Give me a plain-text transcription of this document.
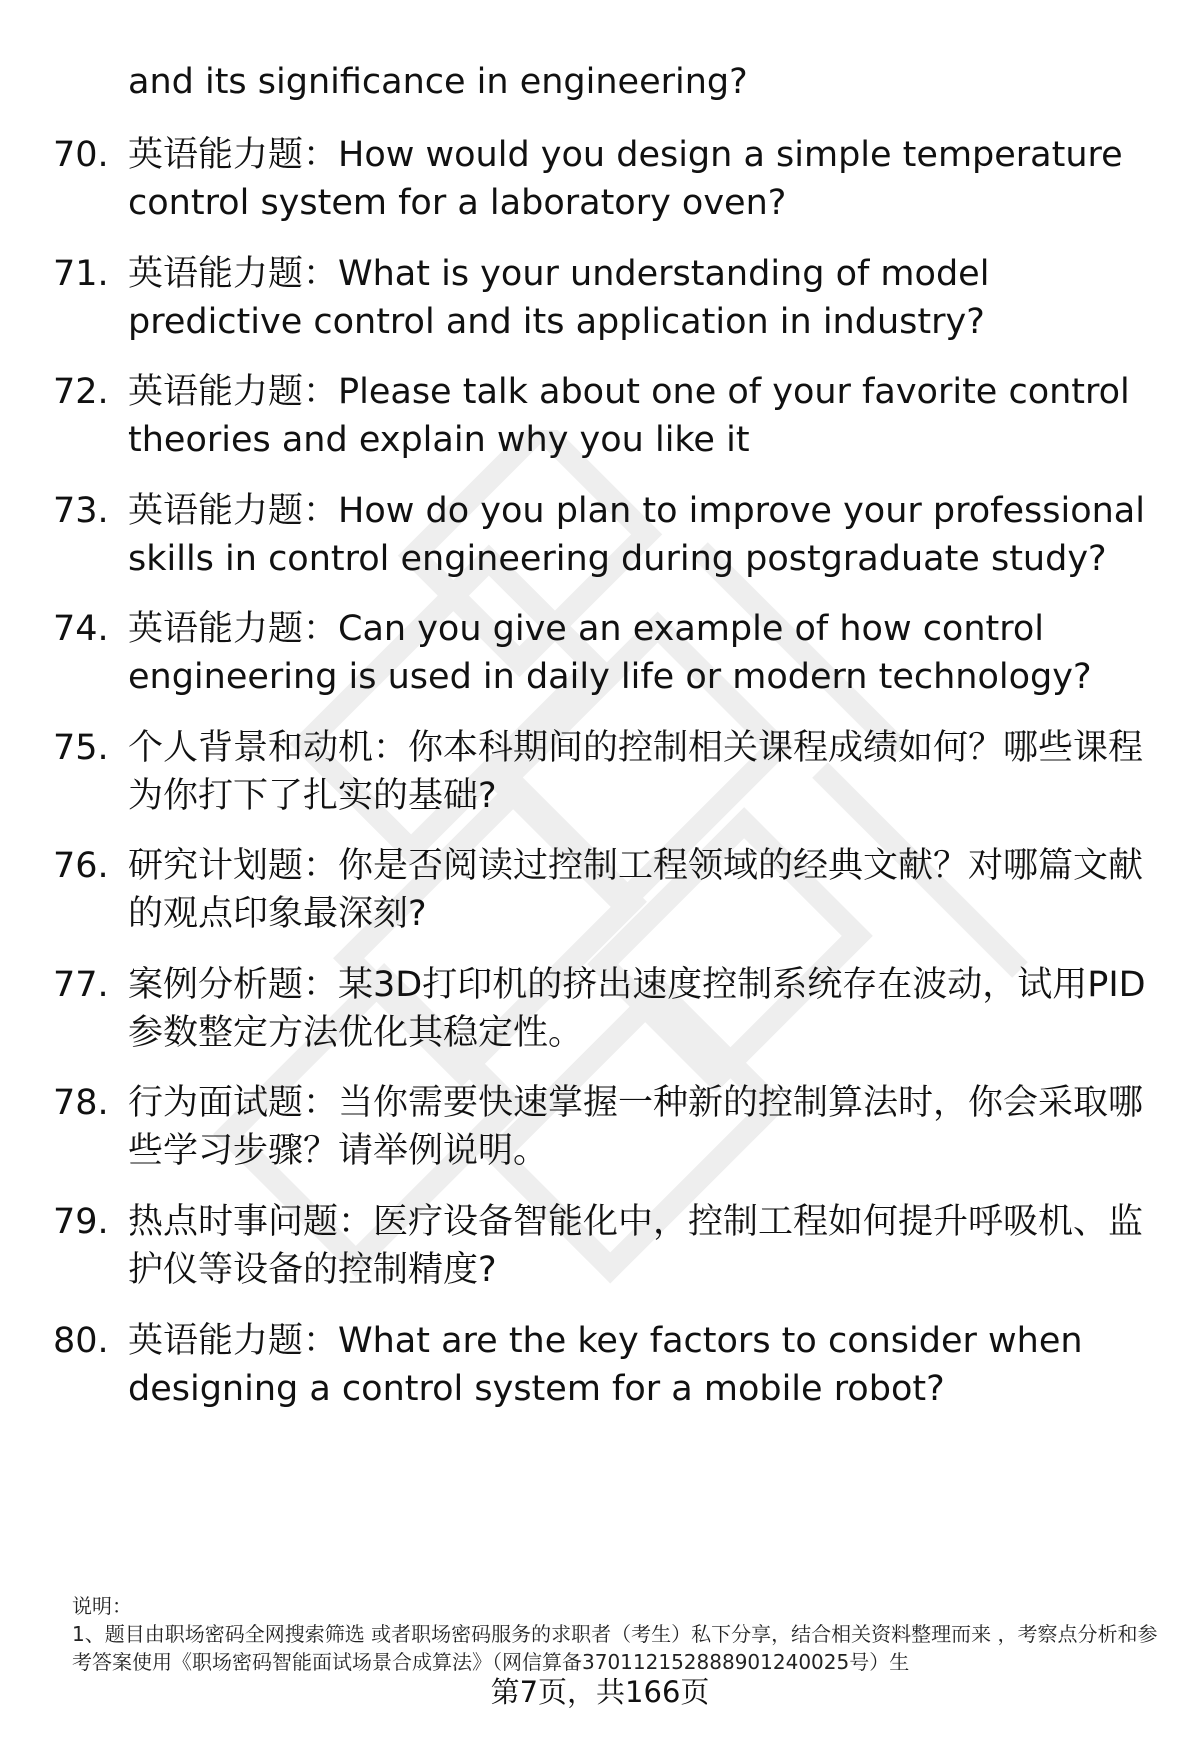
and its significance in engineering?

70. 英语能力题：How would you design a simple temperature control system for a laboratory oven?

71. 英语能力题：What is your understanding of model predictive control and its application in industry?

72. 英语能力题：Please talk about one of your favorite control theories and explain why you like it

73. 英语能力题：How do you plan to improve your professional skills in control engineering during postgraduate study?

74. 英语能力题：Can you give an example of how control engineering is used in daily life or modern technology?

75. 个人背景和动机：你本科期间的控制相关课程成绩如何？哪些课程为你打下了扎实的基础?

76. 研究计划题：你是否阅读过控制工程领域的经典文献？对哪篇文献的观点印象最深刻?

77. 案例分析题：某3D打印机的挤出速度控制系统存在波动，试用PID参数整定方法优化其稳定性。

78. 行为面试题：当你需要快速掌握一种新的控制算法时，你会采取哪些学习步骤？请举例说明。

79. 热点时事问题：医疗设备智能化中，控制工程如何提升呼吸机、监护仪等设备的控制精度?

80. 英语能力题：What are the key factors to consider when designing a control system for a mobile robot?

说明：

1、题目由职场密码全网搜索筛选 或者职场密码服务的求职者（考生）私下分享，结合相关资料整理而来 ，考察点分析和参考答案使用《职场密码智能面试场景合成算法》（网信算备370112152888901240025号）生

第7页，共166页
